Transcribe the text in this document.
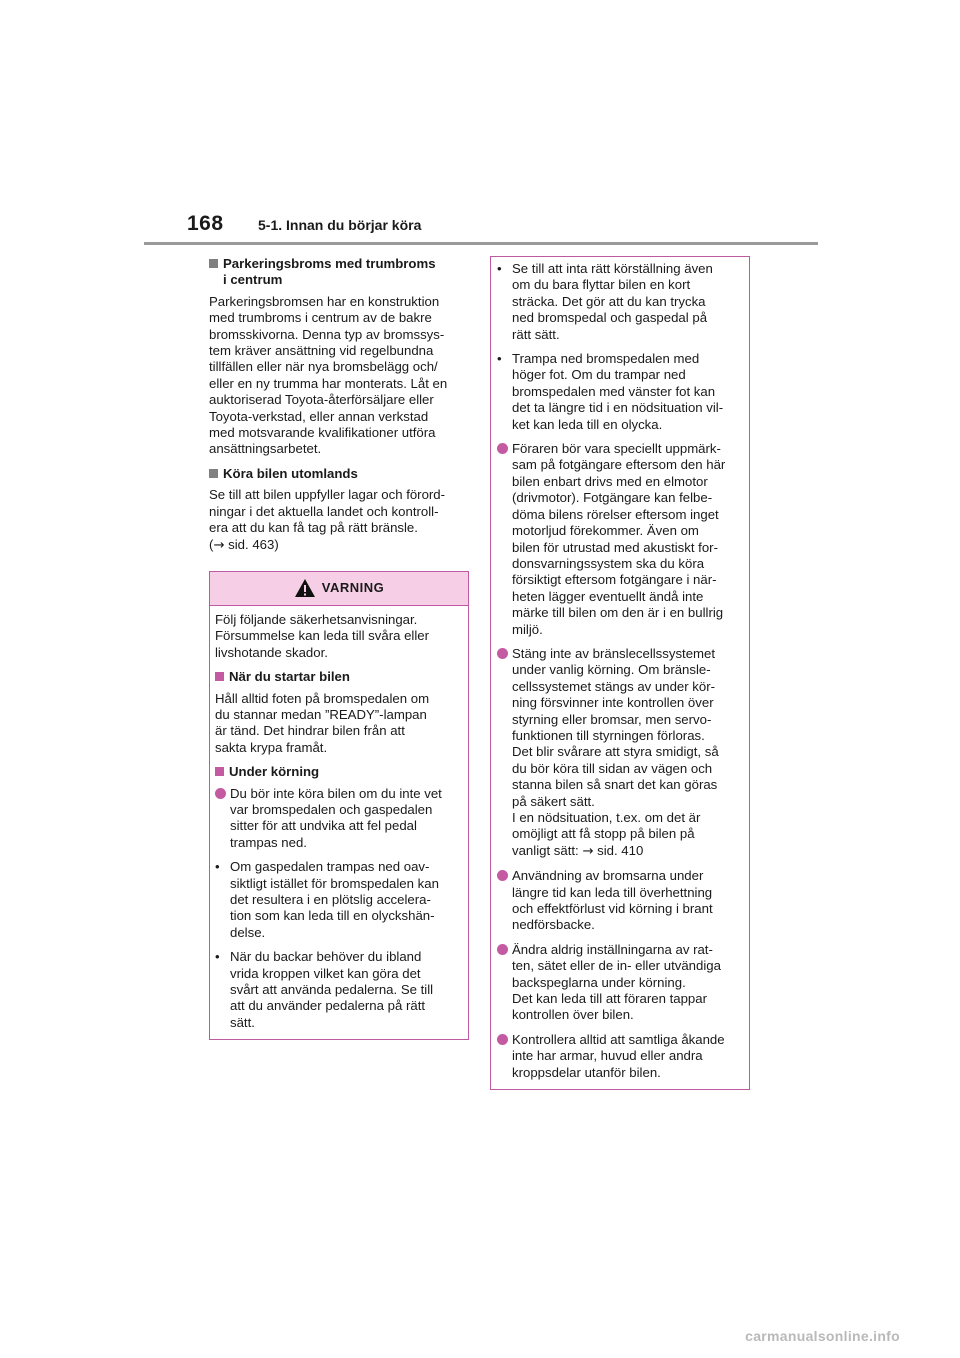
168 5-1. Innan du börjar köra
Parkeringsbroms med trumbroms
i centrum
Parkeringsbromsen har en konstruktion
med trumbroms i centrum av de bakre
bromsskivorna. Denna typ av bromssys-
tem kräver ansättning vid regelbundna
tillfällen eller när nya bromsbelägg och/
eller en ny trumma har monterats. Låt en
auktoriserad Toyota-återförsäljare eller
Toyota-verkstad, eller annan verkstad
med motsvarande kvalifikationer utföra
ansättningsarbetet.
Köra bilen utomlands
Se till att bilen uppfyller lagar och förord-
ningar i det aktuella landet och kontroll-
era att du kan få tag på rätt bränsle.
(→ sid. 463)
VARNING
Följ följande säkerhetsanvisningar.
Försummelse kan leda till svåra eller
livshotande skador.
När du startar bilen
Håll alltid foten på bromspedalen om
du stannar medan ”READY”-lampan
är tänd. Det hindrar bilen från att
sakta krypa framåt.
Under körning
Du bör inte köra bilen om du inte vet
var bromspedalen och gaspedalen
sitter för att undvika att fel pedal
trampas ned.
• Om gaspedalen trampas ned oav-
siktligt istället för bromspedalen kan
det resultera i en plötslig accelera-
tion som kan leda till en olyckshän-
delse.
• När du backar behöver du ibland
vrida kroppen vilket kan göra det
svårt att använda pedalerna. Se till
att du använder pedalerna på rätt
sätt.
• Se till att inta rätt körställning även
om du bara flyttar bilen en kort
sträcka. Det gör att du kan trycka
ned bromspedal och gaspedal på
rätt sätt.
• Trampa ned bromspedalen med
höger fot. Om du trampar ned
bromspedalen med vänster fot kan
det ta längre tid i en nödsituation vil-
ket kan leda till en olycka.
Föraren bör vara speciellt uppmärk-
sam på fotgängare eftersom den här
bilen enbart drivs med en elmotor
(drivmotor). Fotgängare kan felbe-
döma bilens rörelser eftersom inget
motorljud förekommer. Även om
bilen för utrustad med akustiskt for-
donsvarningssystem ska du köra
försiktigt eftersom fotgängare i när-
heten lägger eventuellt ändå inte
märke till bilen om den är i en bullrig
miljö.
Stäng inte av bränslecellssystemet
under vanlig körning. Om bränsle-
cellssystemet stängs av under kör-
ning försvinner inte kontrollen över
styrning eller bromsar, men servo-
funktionen till styrningen förloras.
Det blir svårare att styra smidigt, så
du bör köra till sidan av vägen och
stanna bilen så snart det kan göras
på säkert sätt.
I en nödsituation, t.ex. om det är
omöjligt att få stopp på bilen på
vanligt sätt: → sid. 410
Användning av bromsarna under
längre tid kan leda till överhettning
och effektförlust vid körning i brant
nedförsbacke.
Ändra aldrig inställningarna av rat-
ten, sätet eller de in- eller utvändiga
backspeglarna under körning.
Det kan leda till att föraren tappar
kontrollen över bilen.
Kontrollera alltid att samtliga åkande
inte har armar, huvud eller andra
kroppsdelar utanför bilen.
carmanualsonline.info
